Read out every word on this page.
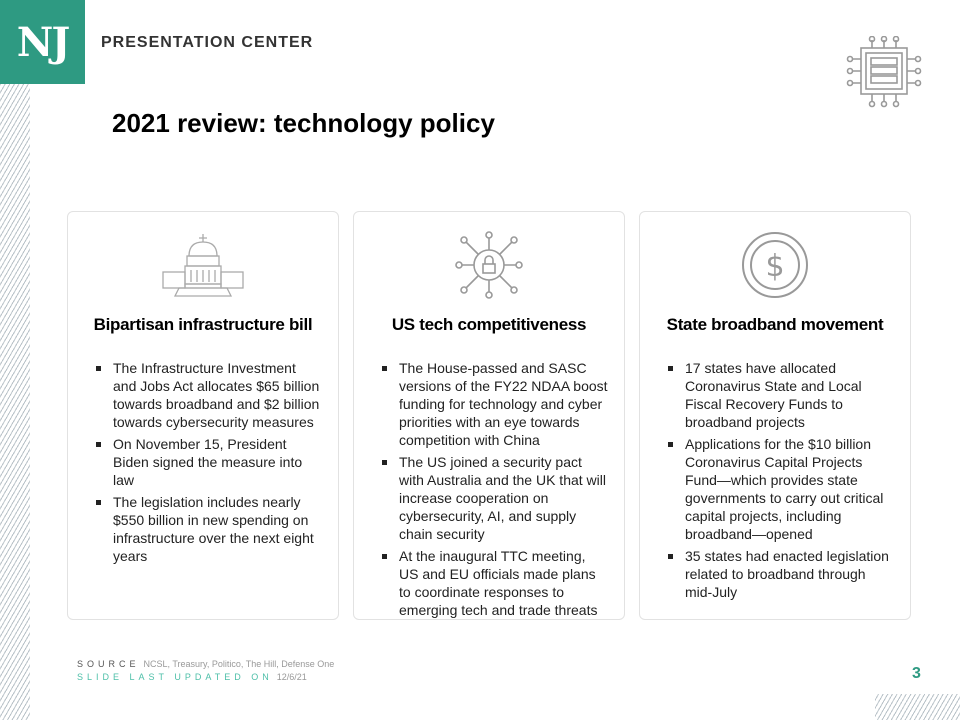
NJ	PRESENTATION CENTER
2021 review: technology policy
Bipartisan infrastructure bill
The Infrastructure Investment and Jobs Act allocates $65 billion towards broadband and $2 billion towards cybersecurity measures
On November 15, President Biden signed the measure into law
The legislation includes nearly $550 billion in new spending on infrastructure over the next eight years
US tech competitiveness
The House-passed and SASC versions of the FY22 NDAA boost funding for technology and cyber priorities with an eye towards competition with China
The US joined a security pact with Australia and the UK that will increase cooperation on cybersecurity, AI, and supply chain security
At the inaugural TTC meeting, US and EU officials made plans to coordinate responses to emerging tech and trade threats
$
State broadband movement
17 states have allocated Coronavirus State and Local Fiscal Recovery Funds to broadband projects
Applications for the $10 billion Coronavirus Capital Projects Fund—which provides state governments to carry out critical capital projects, including broadband—opened
35 states had enacted legislation related to broadband through mid-July
SOURCE NCSL, Treasury, Politico, The Hill, Defense One
SLIDE LAST UPDATED ON 12/6/21	3
